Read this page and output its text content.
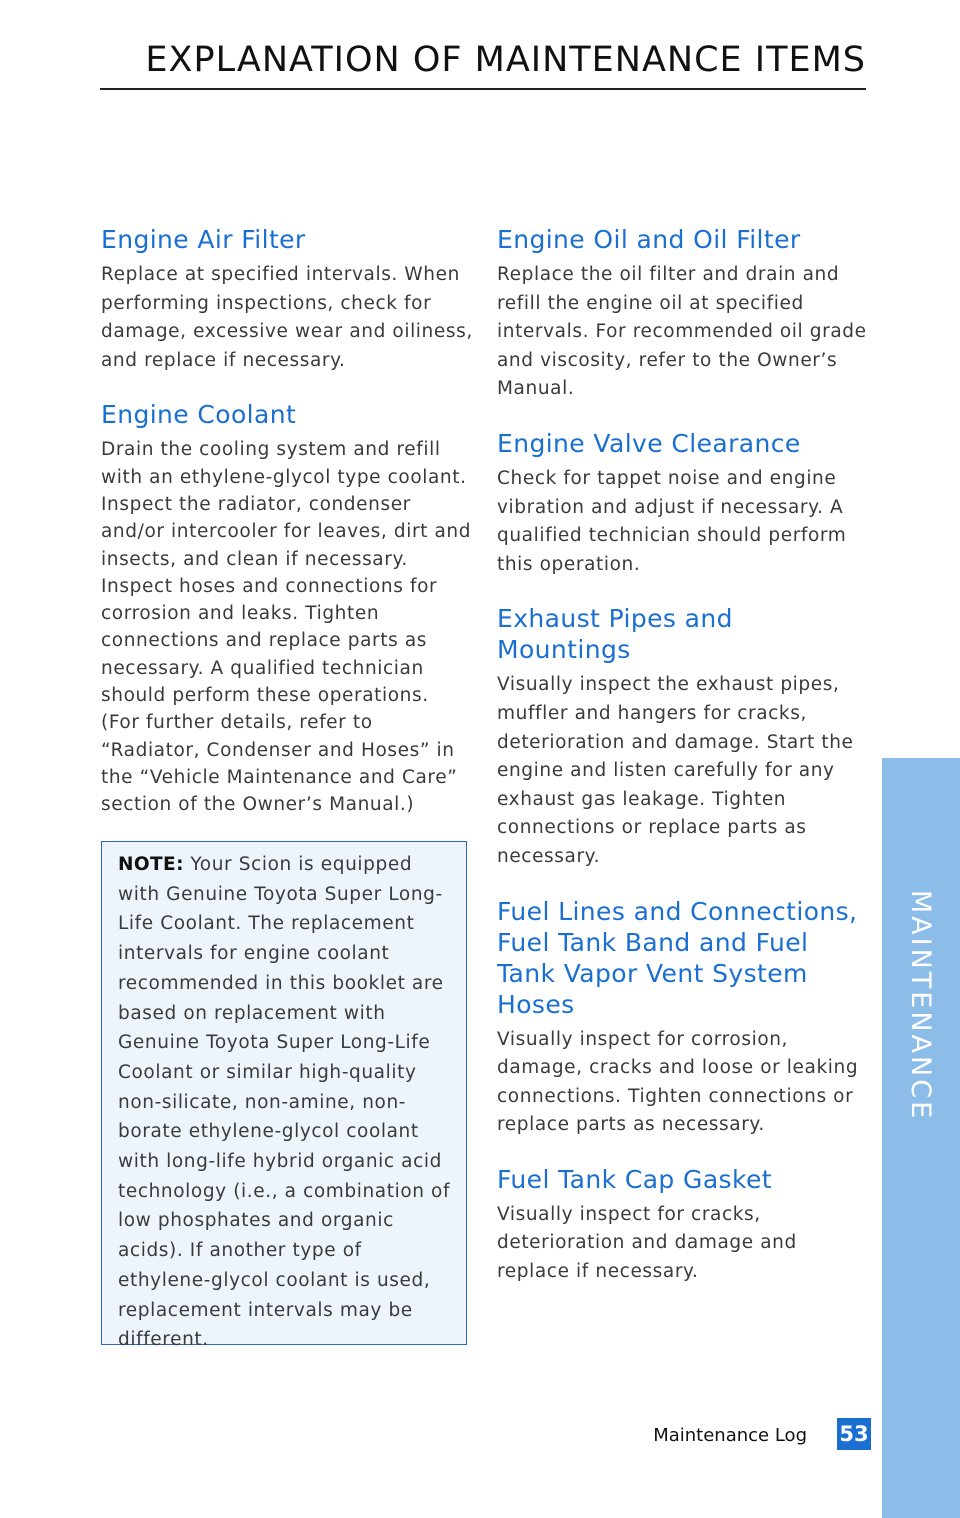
EXPLANATION OF MAINTENANCE ITEMS
Engine Air Filter

Replace at specified intervals. When performing inspections, check for damage, excessive wear and oiliness, and replace if necessary.

Engine Coolant

Drain the cooling system and refill with an ethylene-glycol type coolant. Inspect the radiator, condenser and/or intercooler for leaves, dirt and insects, and clean if necessary. Inspect hoses and connections for corrosion and leaks. Tighten connections and replace parts as necessary. A qualified technician should perform these operations. (For further details, refer to “Radiator, Condenser and Hoses” in the “Vehicle Maintenance and Care” section of the Owner’s Manual.)

NOTE: Your Scion is equipped with Genuine Toyota Super Long-Life Coolant. The replacement intervals for engine coolant recommended in this booklet are based on replacement with Genuine Toyota Super Long-Life Coolant or similar high-quality non-silicate, non-amine, non-borate ethylene-glycol coolant with long-life hybrid organic acid technology (i.e., a combination of low phosphates and organic acids). If another type of ethylene-glycol coolant is used, replacement intervals may be different.

Engine Oil and Oil Filter

Replace the oil filter and drain and refill the engine oil at specified intervals. For recommended oil grade and viscosity, refer to the Owner’s Manual.

Engine Valve Clearance

Check for tappet noise and engine vibration and adjust if necessary. A qualified technician should perform this operation.

Exhaust Pipes and Mountings

Visually inspect the exhaust pipes, muffler and hangers for cracks, deterioration and damage. Start the engine and listen carefully for any exhaust gas leakage. Tighten connections or replace parts as necessary.

Fuel Lines and Connections, Fuel Tank Band and Fuel Tank Vapor Vent System Hoses

Visually inspect for corrosion, damage, cracks and loose or leaking connections. Tighten connections or replace parts as necessary.

Fuel Tank Cap Gasket

Visually inspect for cracks, deterioration and damage and replace if necessary.

MAINTENANCE
Maintenance Log 53
